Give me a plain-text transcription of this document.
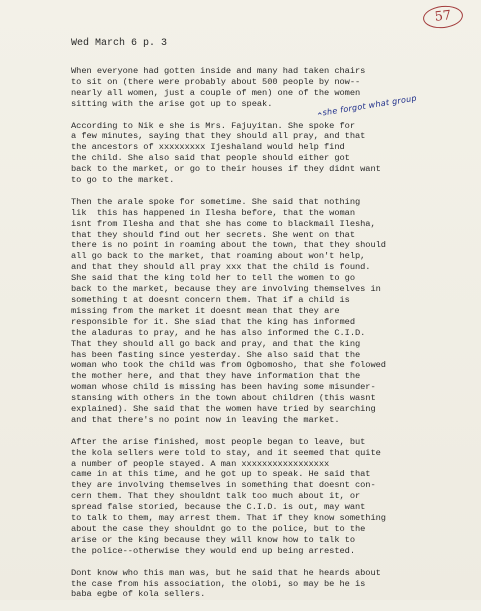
57
Wed March 6 p. 3
she forgot what group
⌃
When everyone had gotten inside and many had taken chairs
to sit on (there were probably about 500 people by now--
nearly all women, just a couple of men) one of the women
sitting with the arise got up to speak.
According to Nik e she is Mrs. Fajuyitan. She spoke for
a few minutes, saying that they should all pray, and that
the ancestors of xxxxxxxxx Ijeshaland would help find
the child. She also said that people should either got
back to the market, or go to their houses if they didnt want
to go to the market.
Then the arale spoke for sometime. She said that nothing
lik  this has happened in Ilesha before, that the woman
isnt from Ilesha and that she has come to blackmail Ilesha,
that they should find out her secrets. She went on that
there is no point in roaming about the town, that they should
all go back to the market, that roaming about won't help,
and that they should all pray xxx that the child is found.
She said that the king told her to tell the women to go
back to the market, because they are involving themselves in
something t at doesnt concern them. That if a child is
missing from the market it doesnt mean that they are
responsible for it. She siad that the king has informed
the aladuras to pray, and he has also informed the C.I.D.
That they should all go back and pray, and that the king
has been fasting since yesterday. She also said that the
woman who took the child was from Ogbomosho, that she folowed
the mother here, and that they have information that the
woman whose child is missing has been having some misunder-
stansing with others in the town about children (this wasnt
explained). She said that the women have tried by searching
and that there's no point now in leaving the market.
After the arise finished, most people began to leave, but
the kola sellers were told to stay, and it seemed that quite
a number of people stayed. A man xxxxxxxxxxxxxxxxx
came in at this time, and he got up to speak. He said that
they are involving themselves in something that doesnt con-
cern them. That they shouldnt talk too much about it, or
spread false storied, because the C.I.D. is out, may want
to talk to them, may arrest them. That if they know something
about the case they shouldnt go to the police, but to the
arise or the king because they will know how to talk to
the police--otherwise they would end up being arrested.
Dont know who this man was, but he said that he heards about
the case from his association, the olobi, so may be he is
baba egbe of kola sellers.
